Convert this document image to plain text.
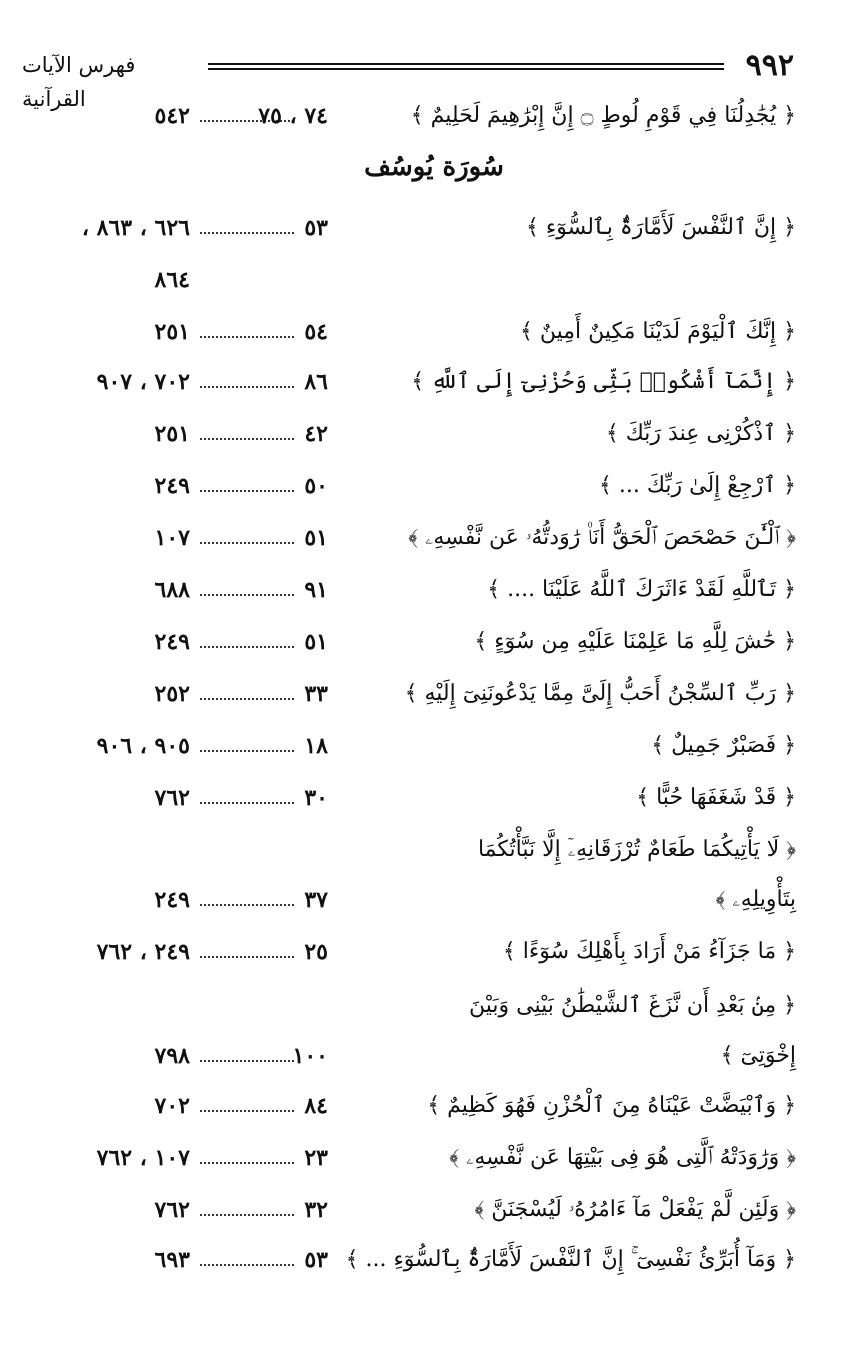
٩٩٢
فهرس الآيات القرآنية
سُورَة يُوسُف
﴿ يُجَٰدِلُنَا فِي قَوْمِ لُوطٍ ۝ إِنَّ إِبْرَٰهِيمَ لَحَلِيمٌ ﴾
٧٤ ، ٧٥
٥٤٢
﴿ إِنَّ ٱلنَّفْسَ لَأَمَّارَةٌۢ بِٱلسُّوٓءِ ﴾
٥٣
٦٢٦ ، ٨٦٣ ،
٨٦٤
﴿ إِنَّكَ ٱلْيَوْمَ لَدَيْنَا مَكِينٌ أَمِينٌ ﴾
٥٤
٢٥١
﴿ إِنَّمَآ أَشْكُوا۟ بَثِّى وَحُزْنِىٓ إِلَى ٱللَّهِ ﴾
٨٦
٧٠٢ ، ٩٠٧
﴿ ٱذْكُرْنِى عِندَ رَبِّكَ ﴾
٤٢
٢٥١
﴿ ٱرْجِعْ إِلَىٰ رَبِّكَ ... ﴾
٥٠
٢٤٩
﴿ ٱلْـَٰٔنَ حَصْحَصَ ٱلْحَقُّ أَنَا۠ رَٰوَدتُّهُۥ عَن نَّفْسِهِۦ ﴾
٥١
١٠٧
﴿ تَٱللَّهِ لَقَدْ ءَاثَرَكَ ٱللَّهُ عَلَيْنَا .... ﴾
٩١
٦٨٨
﴿ حَٰشَ لِلَّهِ مَا عَلِمْنَا عَلَيْهِ مِن سُوٓءٍ ﴾
٥١
٢٤٩
﴿ رَبِّ ٱلسِّجْنُ أَحَبُّ إِلَىَّ مِمَّا يَدْعُونَنِىٓ إِلَيْهِ ﴾
٣٣
٢٥٢
﴿ فَصَبْرٌ جَمِيلٌ ﴾
١٨
٩٠٥ ، ٩٠٦
﴿ قَدْ شَغَفَهَا حُبًّا ﴾
٣٠
٧٦٢
﴿ لَا يَأْتِيكُمَا طَعَامٌ تُرْزَقَانِهِۦٓ إِلَّا نَبَّأْتُكُمَا
بِتَأْوِيلِهِۦ ﴾
٣٧
٢٤٩
﴿ مَا جَزَآءُ مَنْ أَرَادَ بِأَهْلِكَ سُوٓءًا ﴾
٢٥
٢٤٩ ، ٧٦٢
﴿ مِنۢ بَعْدِ أَن نَّزَغَ ٱلشَّيْطَٰنُ بَيْنِى وَبَيْنَ
إِخْوَتِىٓ ﴾
١٠٠
٧٩٨
﴿ وَٱبْيَضَّتْ عَيْنَاهُ مِنَ ٱلْحُزْنِ فَهُوَ كَظِيمٌ ﴾
٨٤
٧٠٢
﴿ وَرَٰوَدَتْهُ ٱلَّتِى هُوَ فِى بَيْتِهَا عَن نَّفْسِهِۦ ﴾
٢٣
١٠٧ ، ٧٦٢
﴿ وَلَئِن لَّمْ يَفْعَلْ مَآ ءَامُرُهُۥ لَيُسْجَنَنَّ ﴾
٣٢
٧٦٢
﴿ وَمَآ أُبَرِّئُ نَفْسِىٓ ۚ إِنَّ ٱلنَّفْسَ لَأَمَّارَةٌۢ بِٱلسُّوٓءِ ... ﴾
٥٣
٦٩٣
